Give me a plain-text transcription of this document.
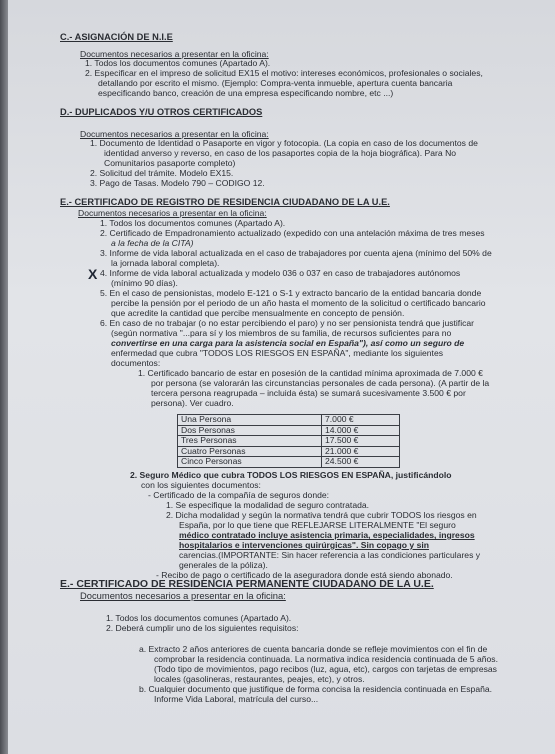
C.- ASIGNACIÓN DE N.I.E
Documentos necesarios a presentar en la oficina:
1. Todos los documentos comunes (Apartado A).
2. Especificar en el impreso de solicitud EX15 el motivo: intereses económicos, profesionales o sociales,
detallando por escrito el mismo. (Ejemplo: Compra-venta inmueble, apertura cuenta bancaria
especificando banco, creación de una empresa especificando nombre, etc ...)
D.- DUPLICADOS Y/U OTROS CERTIFICADOS
Documentos necesarios a presentar en la oficina:
1. Documento de Identidad o Pasaporte en vigor y fotocopia. (La copia en caso de los documentos de
identidad anverso y reverso, en caso de los pasaportes copia de la hoja biográfica). Para No
Comunitarios pasaporte completo)
2. Solicitud del trámite. Modelo EX15.
3. Pago de Tasas. Modelo 790 – CODIGO 12.
E.- CERTIFICADO DE REGISTRO DE RESIDENCIA CIUDADANO DE LA U.E.
Documentos necesarios a presentar en la oficina:
1. Todos los documentos comunes (Apartado A).
2. Certificado de Empadronamiento actualizado (expedido con una antelación máxima de tres meses
a la fecha de la CITA)
3. Informe de vida laboral actualizada en el caso de trabajadores por cuenta ajena (mínimo del 50% de
la jornada laboral completa).
X 4. Informe de vida laboral actualizada y modelo 036 o 037 en caso de trabajadores autónomos
(mínimo 90 días).
5. En el caso de pensionistas, modelo E-121 o S-1 y extracto bancario de la entidad bancaria donde
percibe la pensión por el periodo de un año hasta el momento de la solicitud o certificado bancario
que acredite la cantidad que percibe mensualmente en concepto de pensión.
6. En caso de no trabajar (o no estar percibiendo el paro) y no ser pensionista tendrá que justificar
(según normativa "...para sí y los miembros de su familia, de recursos suficientes para no
convertirse en una carga para la asistencia social en España"), así como un seguro de
enfermedad que cubra "TODOS LOS RIESGOS EN ESPAÑA", mediante los siguientes
documentos:
1. Certificado bancario de estar en posesión de la cantidad mínima aproximada de 7.000 €
por persona (se valorarán las circunstancias personales de cada persona). (A partir de la
tercera persona reagrupada – incluida ésta) se sumará sucesivamente 3.500 € por
persona). Ver cuadro.
Una Persona	7.000 €
Dos Personas	14.000 €
Tres Personas	17.500 €
Cuatro Personas	21.000 €
Cinco Personas	24.500 €
2. Seguro Médico que cubra TODOS LOS RIESGOS EN ESPAÑA, justificándolo
con los siguientes documentos:
- Certificado de la compañía de seguros donde:
1. Se especifique la modalidad de seguro contratada.
2. Dicha modalidad y según la normativa tendrá que cubrir TODOS los riesgos en
España, por lo que tiene que REFLEJARSE LITERALMENTE "El seguro
médico contratado incluye asistencia primaria, especialidades, ingresos
hospitalarios e intervenciones quirúrgicas". Sin copago y sin
carencias.(IMPORTANTE: Sin hacer referencia a las condiciones particulares y
generales de la póliza).
- Recibo de pago o certificado de la aseguradora donde está siendo abonado.
E.- CERTIFICADO DE RESIDENCIA PERMANENTE CIUDADANO DE LA U.E.
Documentos necesarios a presentar en la oficina:
1. Todos los documentos comunes (Apartado A).
2. Deberá cumplir uno de los siguientes requisitos:
a. Extracto 2 años anteriores de cuenta bancaria donde se refleje movimientos con el fin de
comprobar la residencia continuada. La normativa indica residencia continuada de 5 años.
(Todo tipo de movimientos, pago recibos (luz, agua, etc), cargos con tarjetas de empresas
locales (gasolineras, restaurantes, peajes, etc), y otros.
b. Cualquier documento que justifique de forma concisa la residencia continuada en España.
Informe Vida Laboral, matrícula del curso...
